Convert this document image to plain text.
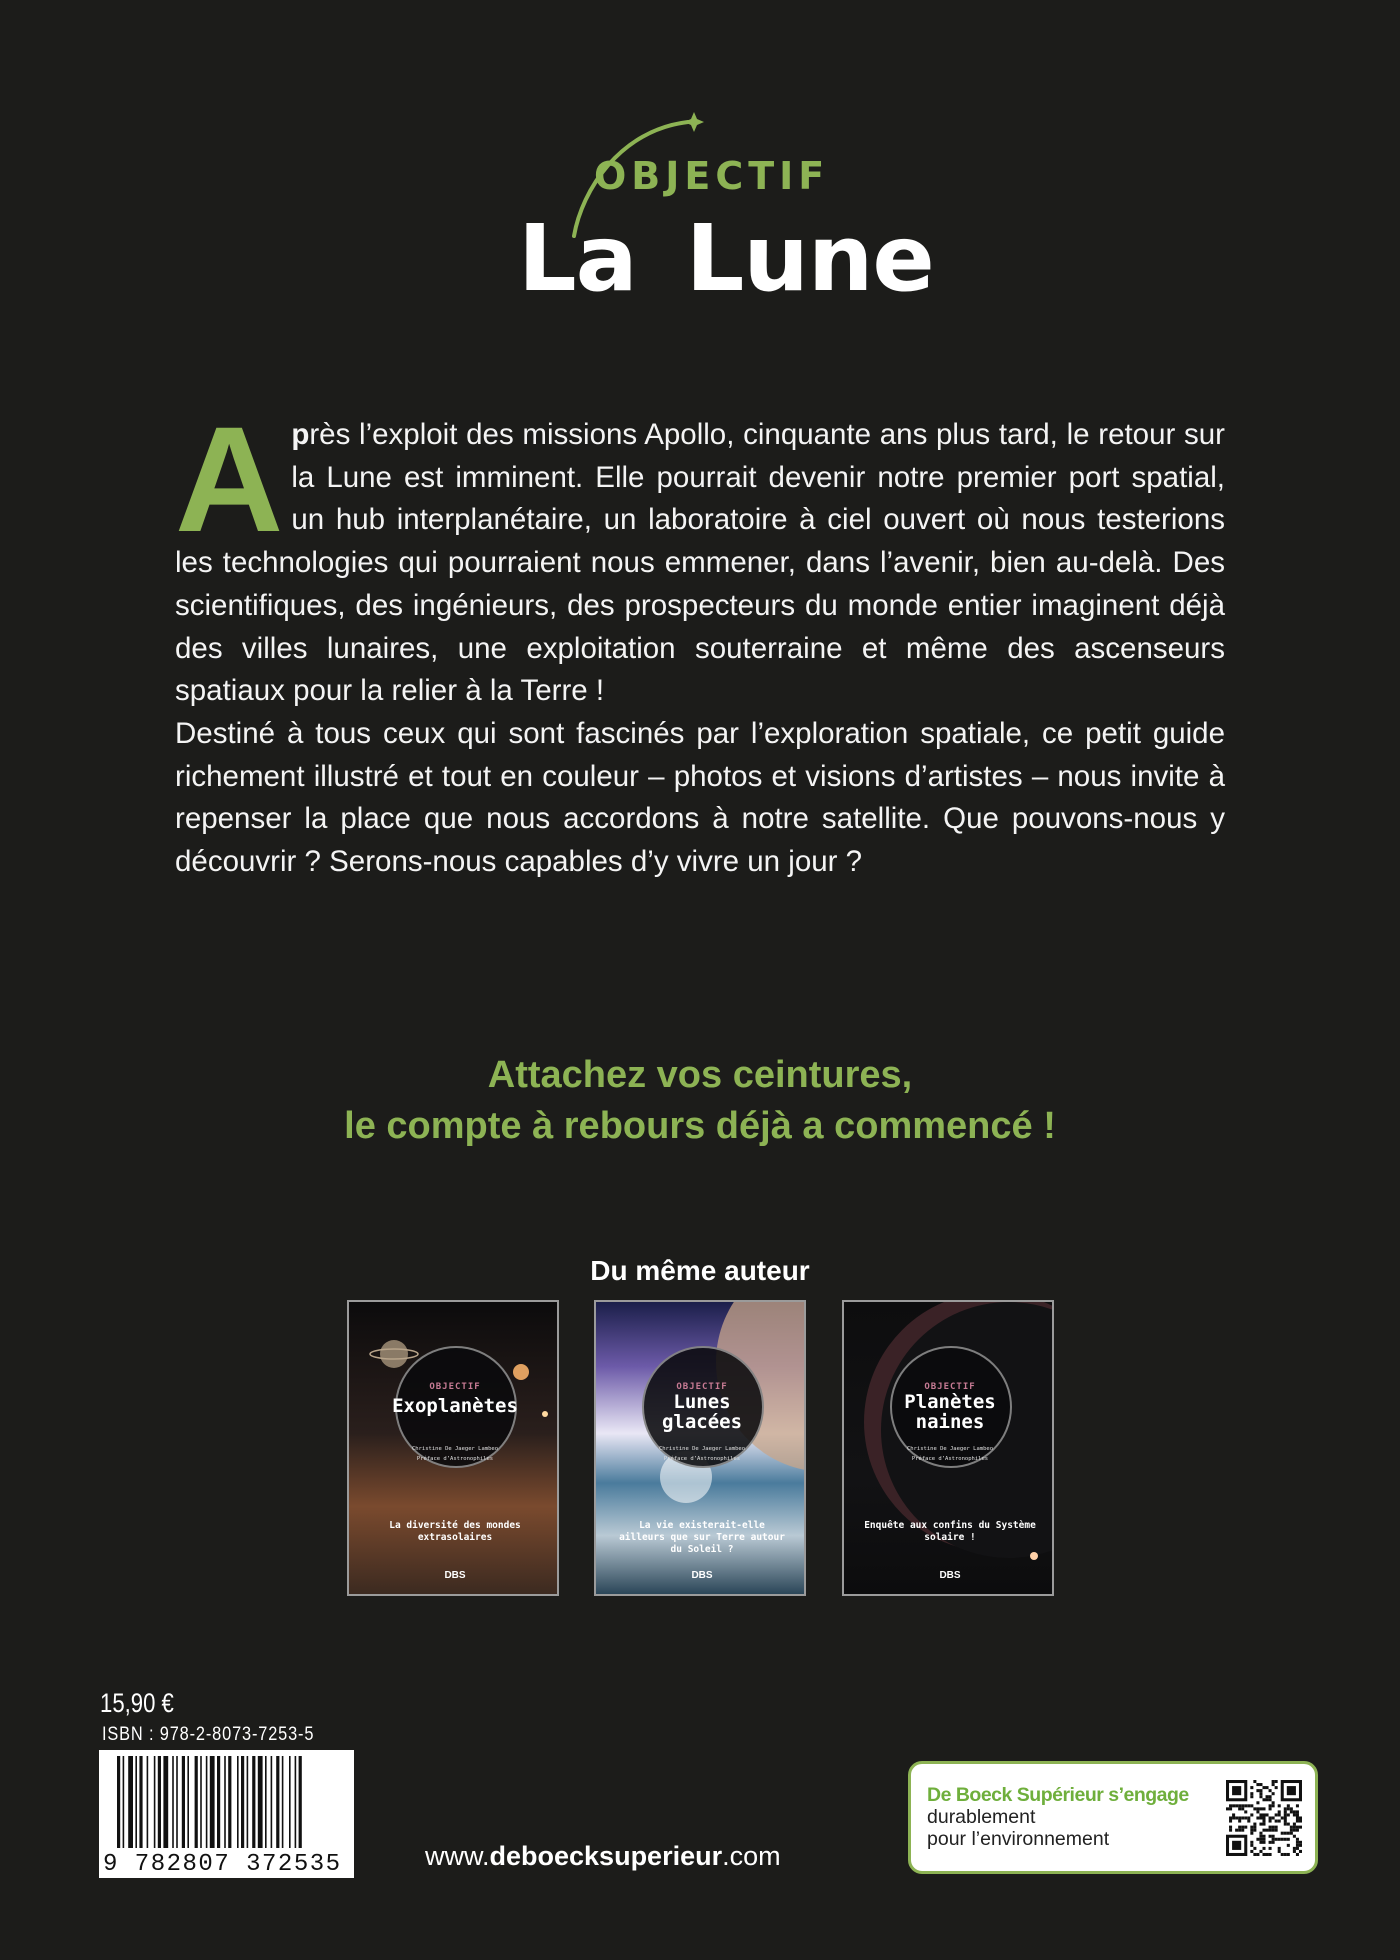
OBJECTIF
La Lune

Après l’exploit des missions Apollo, cinquante ans plus tard, le retour sur la Lune est imminent. Elle pourrait devenir notre premier port spatial, un hub interplanétaire, un laboratoire à ciel ouvert où nous testerions les technologies qui pourraient nous emmener, dans l’avenir, bien au-delà. Des scientifiques, des ingénieurs, des prospecteurs du monde entier imaginent déjà des villes lunaires, une exploitation souterraine et même des ascenseurs spatiaux pour la relier à la Terre !

Destiné à tous ceux qui sont fascinés par l’exploration spatiale, ce petit guide richement illustré et tout en couleur – photos et visions d’artistes – nous invite à repenser la place que nous accordons à notre satellite. Que pouvons-nous y découvrir ? Serons-nous capables d’y vivre un jour ?

Attachez vos ceintures,
le compte à rebours déjà a commencé !
Du même auteur
OBJECTIF
Exoplanètes
Christine De Jaeger Lambeo
Préface d’Astronophiles
La diversité des mondes extrasolaires
DBS
OBJECTIF
Lunes
glacées
Christine De Jaeger Lambeo
Préface d’Astronophiles
La vie existerait-elle ailleurs que sur Terre autour du Soleil ?
DBS
OBJECTIF
Planètes
naines
Christine De Jaeger Lambeo
Préface d’Astronophiles
Enquête aux confins du Système solaire !
DBS
15,90 €
ISBN : 978-2-8073-7253-5
9 782807 372535	www.deboecksuperieur.com
De Boeck Supérieur s’engage
durablement
pour l’environnement
